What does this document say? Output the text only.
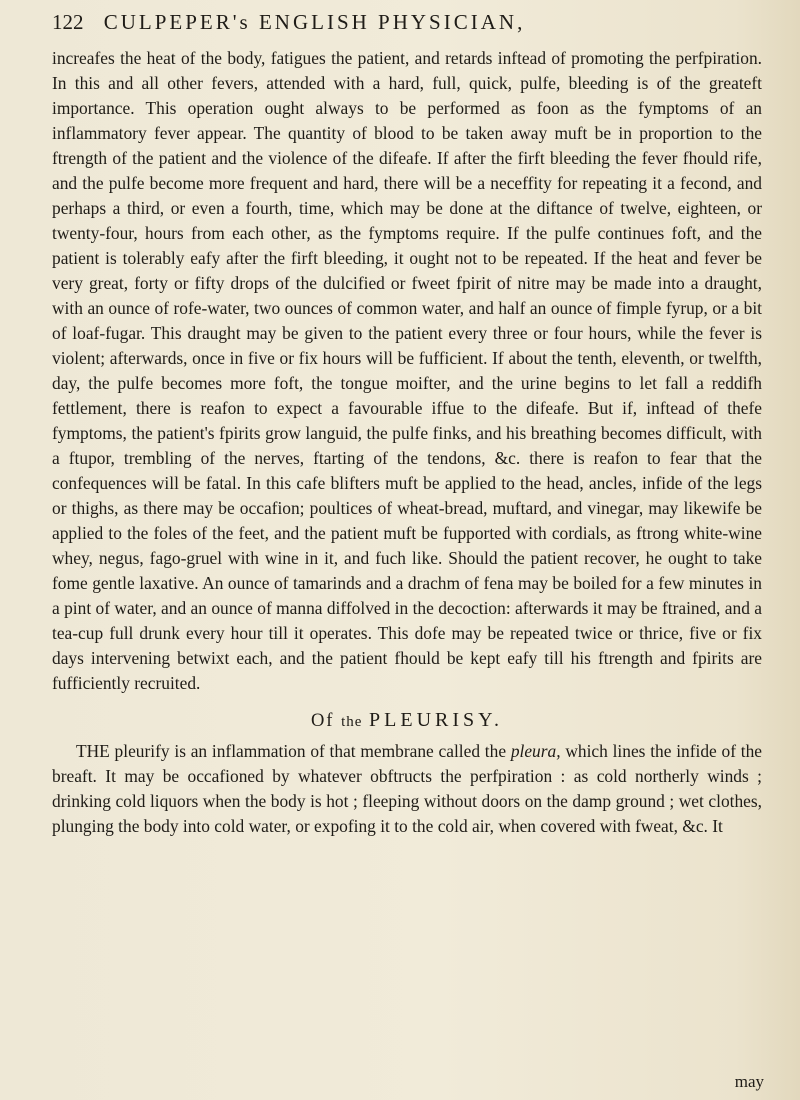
122 CULPEPER's ENGLISH PHYSICIAN,

increafes the heat of the body, fatigues the patient, and retards inftead of promoting the perfpiration. In this and all other fevers, attended with a hard, full, quick, pulfe, bleeding is of the greateft importance. This operation ought always to be performed as foon as the fymptoms of an inflammatory fever appear. The quantity of blood to be taken away muft be in proportion to the ftrength of the patient and the violence of the difeafe. If after the firft bleeding the fever fhould rife, and the pulfe become more frequent and hard, there will be a neceffity for repeating it a fecond, and perhaps a third, or even a fourth, time, which may be done at the diftance of twelve, eighteen, or twenty-four, hours from each other, as the fymptoms require. If the pulfe continues foft, and the patient is tolerably eafy after the firft bleeding, it ought not to be repeated. If the heat and fever be very great, forty or fifty drops of the dulcified or fweet fpirit of nitre may be made into a draught, with an ounce of rofe-water, two ounces of common water, and half an ounce of fimple fyrup, or a bit of loaf-fugar. This draught may be given to the patient every three or four hours, while the fever is violent; afterwards, once in five or fix hours will be fufficient. If about the tenth, eleventh, or twelfth, day, the pulfe becomes more foft, the tongue moifter, and the urine begins to let fall a reddifh fettlement, there is reafon to expect a favourable iffue to the difeafe. But if, inftead of thefe fymptoms, the patient's fpirits grow languid, the pulfe finks, and his breathing becomes difficult, with a ftupor, trembling of the nerves, ftarting of the tendons, &c. there is reafon to fear that the confequences will be fatal. In this cafe blifters muft be applied to the head, ancles, infide of the legs or thighs, as there may be occafion; poultices of wheat-bread, muftard, and vinegar, may likewife be applied to the foles of the feet, and the patient muft be fupported with cordials, as ftrong white-wine whey, negus, fago-gruel with wine in it, and fuch like. Should the patient recover, he ought to take fome gentle laxative. An ounce of tamarinds and a drachm of fena may be boiled for a few minutes in a pint of water, and an ounce of manna diffolved in the decoction: afterwards it may be ftrained, and a tea-cup full drunk every hour till it operates. This dofe may be repeated twice or thrice, five or fix days intervening betwixt each, and the patient fhould be kept eafy till his ftrength and fpirits are fufficiently recruited.

Of the PLEURISY.

THE pleurify is an inflammation of that membrane called the pleura, which lines the infide of the breaft. It may be occafioned by whatever obftructs the perfpiration : as cold northerly winds ; drinking cold liquors when the body is hot ; fleeping without doors on the damp ground ; wet clothes, plunging the body into cold water, or expofing it to the cold air, when covered with fweat, &c. It

may
